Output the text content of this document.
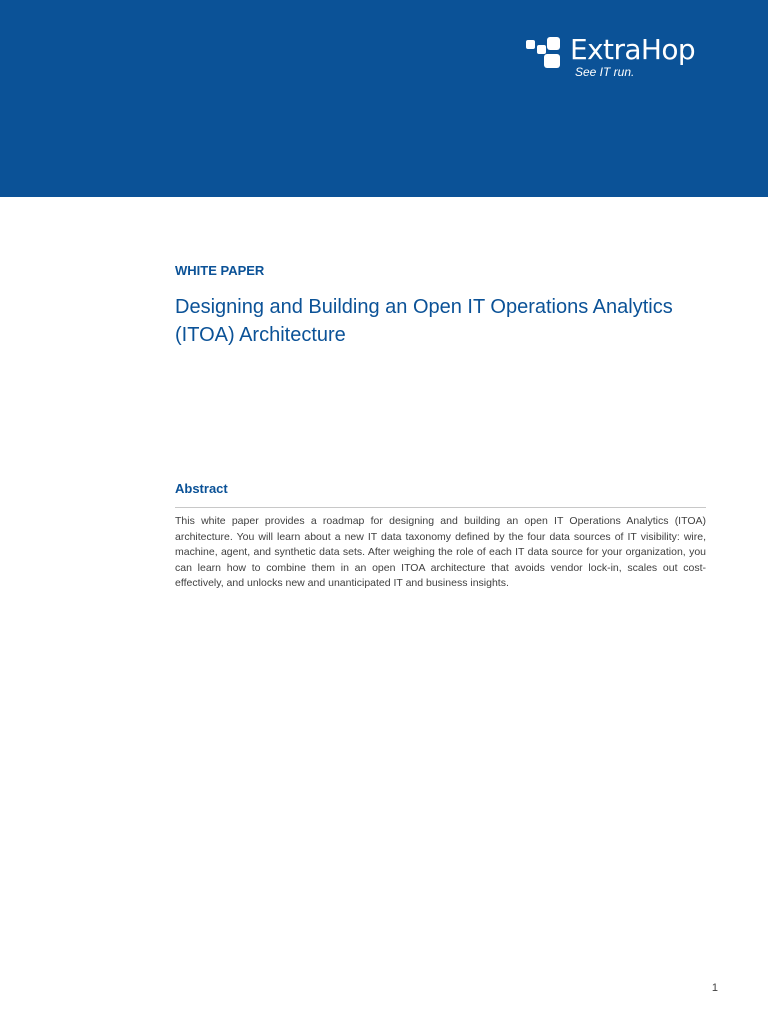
ExtraHop
See IT run.
WHITE PAPER
Designing and Building an Open IT Operations Analytics (ITOA) Architecture
Abstract

This white paper provides a roadmap for designing and building an open IT Operations Analytics (ITOA) architecture. You will learn about a new IT data taxonomy defined by the four data sources of IT visibility: wire, machine, agent, and synthetic data sets. After weighing the role of each IT data source for your organization, you can learn how to combine them in an open ITOA architecture that avoids vendor lock-in, scales out cost-effectively, and unlocks new and unanticipated IT and business insights.

1
